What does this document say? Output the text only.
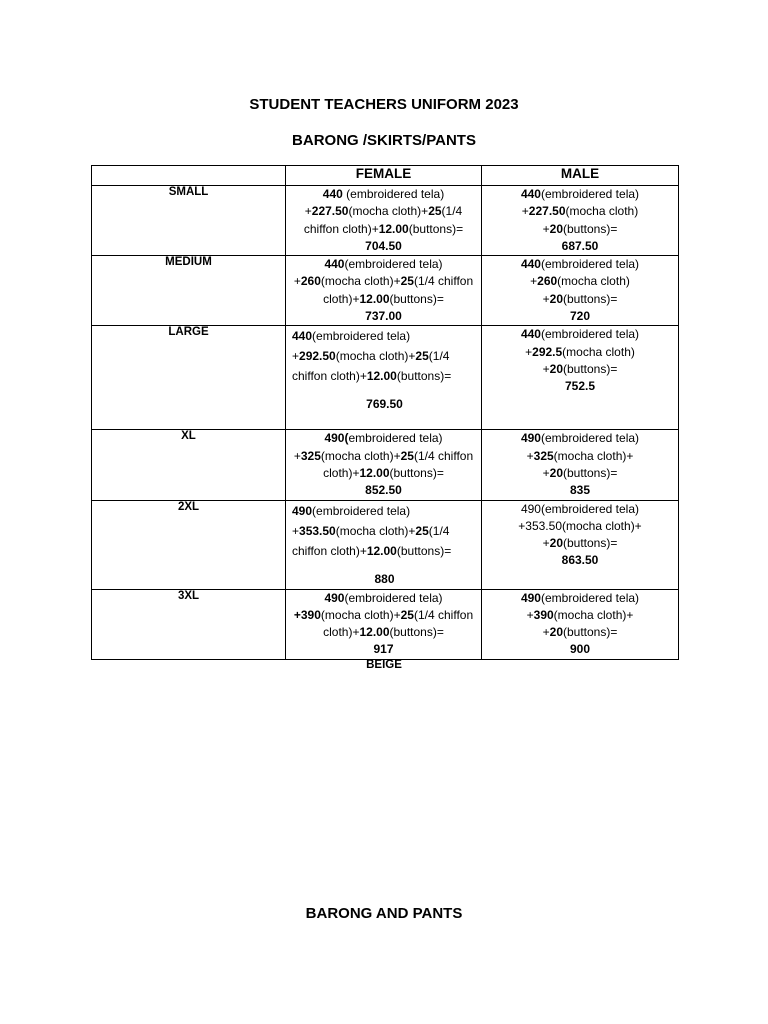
STUDENT TEACHERS UNIFORM 2023
BARONG /SKIRTS/PANTS
	FEMALE	MALE
SMALL	440 (embroidered tela) +227.50(mocha cloth)+25(1/4 chiffon cloth)+12.00(buttons)=
704.50	440(embroidered tela)
+227.50(mocha cloth)
+20(buttons)=
687.50
MEDIUM	440(embroidered tela)
+260(mocha cloth)+25(1/4 chiffon cloth)+12.00(buttons)=
737.00	440(embroidered tela)
+260(mocha cloth)
+20(buttons)=
720
LARGE	440(embroidered tela)
+292.50(mocha cloth)+25(1/4 chiffon cloth)+12.00(buttons)=
769.50	440(embroidered tela)
+292.5(mocha cloth)
+20(buttons)=
752.5
XL	490(embroidered tela)
+325(mocha cloth)+25(1/4 chiffon cloth)+12.00(buttons)=
852.50	490(embroidered tela)
+325(mocha cloth)+
+20(buttons)=
835
2XL	490(embroidered tela)
+353.50(mocha cloth)+25(1/4 chiffon cloth)+12.00(buttons)=
880	490(embroidered tela)
+353.50(mocha cloth)+
+20(buttons)=
863.50
3XL	490(embroidered tela)
+390(mocha cloth)+25(1/4 chiffon cloth)+12.00(buttons)=
917	490(embroidered tela)
+390(mocha cloth)+
+20(buttons)=
900

BEIGE

BARONG AND PANTS
